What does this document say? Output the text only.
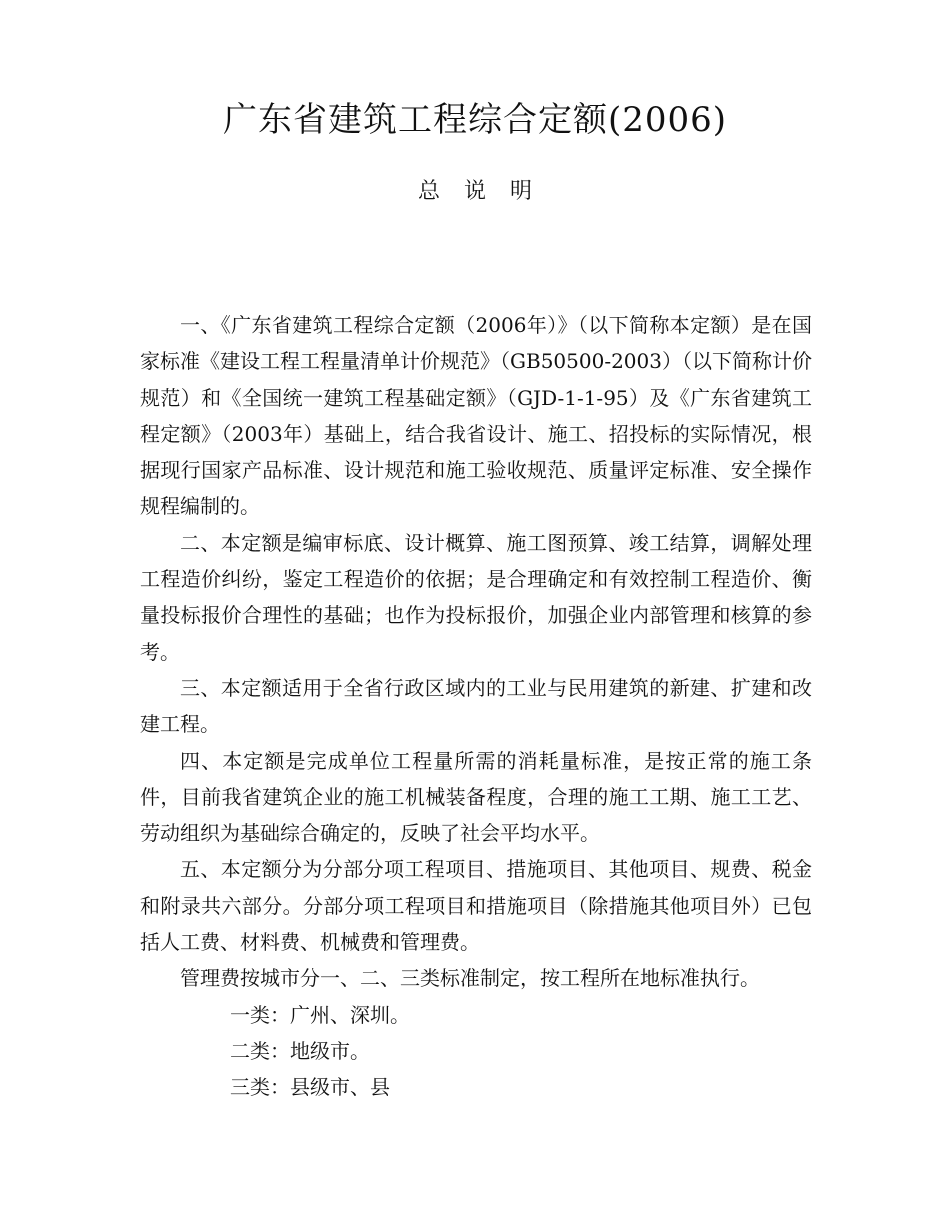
广东省建筑工程综合定额(2006)
总说明

一、《广东省建筑工程综合定额（2006年）》（以下简称本定额）是在国家标准《建设工程工程量清单计价规范》（GB50500-2003）（以下简称计价规范）和《全国统一建筑工程基础定额》（GJD-1-1-95）及《广东省建筑工程定额》（2003年）基础上，结合我省设计、施工、招投标的实际情况，根据现行国家产品标准、设计规范和施工验收规范、质量评定标准、安全操作规程编制的。

二、本定额是编审标底、设计概算、施工图预算、竣工结算，调解处理工程造价纠纷，鉴定工程造价的依据；是合理确定和有效控制工程造价、衡量投标报价合理性的基础；也作为投标报价，加强企业内部管理和核算的参考。

三、本定额适用于全省行政区域内的工业与民用建筑的新建、扩建和改建工程。

四、本定额是完成单位工程量所需的消耗量标准，是按正常的施工条件，目前我省建筑企业的施工机械装备程度，合理的施工工期、施工工艺、劳动组织为基础综合确定的，反映了社会平均水平。

五、本定额分为分部分项工程项目、措施项目、其他项目、规费、税金和附录共六部分。分部分项工程项目和措施项目（除措施其他项目外）已包括人工费、材料费、机械费和管理费。

管理费按城市分一、二、三类标准制定，按工程所在地标准执行。

一类：广州、深圳。
二类：地级市。
三类：县级市、县
